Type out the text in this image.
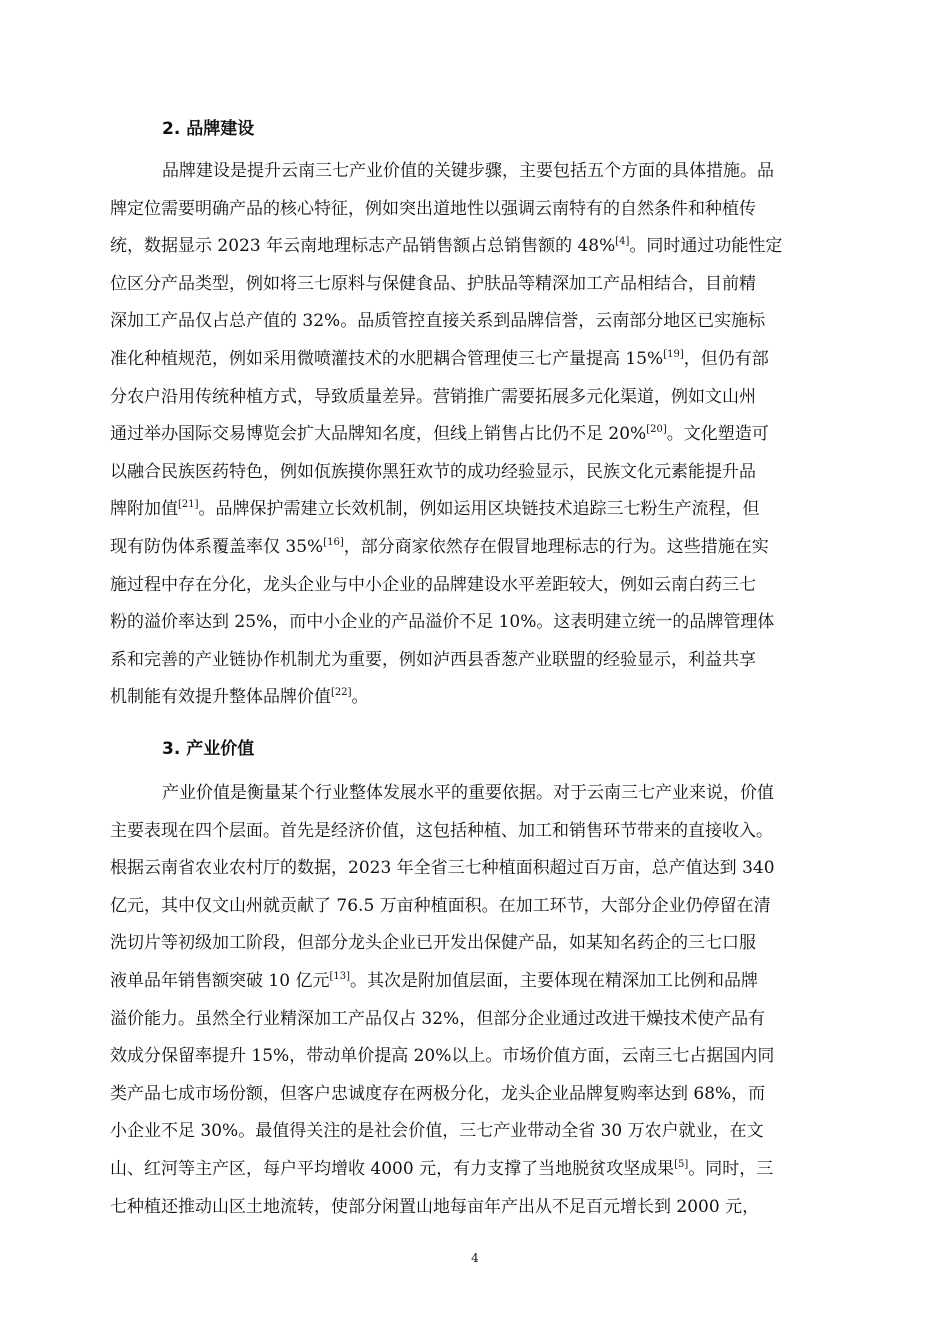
2. 品牌建设
品牌建设是提升云南三七产业价值的关键步骤，主要包括五个方面的具体措施。品
牌定位需要明确产品的核心特征，例如突出道地性以强调云南特有的自然条件和种植传
统，数据显示 2023 年云南地理标志产品销售额占总销售额的 48%[4]。同时通过功能性定
位区分产品类型，例如将三七原料与保健食品、护肤品等精深加工产品相结合，目前精
深加工产品仅占总产值的 32%。品质管控直接关系到品牌信誉，云南部分地区已实施标
准化种植规范，例如采用微喷灌技术的水肥耦合管理使三七产量提高 15%[19]，但仍有部
分农户沿用传统种植方式，导致质量差异。营销推广需要拓展多元化渠道，例如文山州
通过举办国际交易博览会扩大品牌知名度，但线上销售占比仍不足 20%[20]。文化塑造可
以融合民族医药特色，例如佤族摸你黑狂欢节的成功经验显示，民族文化元素能提升品
牌附加值[21]。品牌保护需建立长效机制，例如运用区块链技术追踪三七粉生产流程，但
现有防伪体系覆盖率仅 35%[16]，部分商家依然存在假冒地理标志的行为。这些措施在实
施过程中存在分化，龙头企业与中小企业的品牌建设水平差距较大，例如云南白药三七
粉的溢价率达到 25%，而中小企业的产品溢价不足 10%。这表明建立统一的品牌管理体
系和完善的产业链协作机制尤为重要，例如泸西县香葱产业联盟的经验显示，利益共享
机制能有效提升整体品牌价值[22]。
3. 产业价值
产业价值是衡量某个行业整体发展水平的重要依据。对于云南三七产业来说，价值
主要表现在四个层面。首先是经济价值，这包括种植、加工和销售环节带来的直接收入。
根据云南省农业农村厅的数据，2023 年全省三七种植面积超过百万亩，总产值达到 340
亿元，其中仅文山州就贡献了 76.5 万亩种植面积。在加工环节，大部分企业仍停留在清
洗切片等初级加工阶段，但部分龙头企业已开发出保健产品，如某知名药企的三七口服
液单品年销售额突破 10 亿元[13]。其次是附加值层面，主要体现在精深加工比例和品牌
溢价能力。虽然全行业精深加工产品仅占 32%，但部分企业通过改进干燥技术使产品有
效成分保留率提升 15%，带动单价提高 20%以上。市场价值方面，云南三七占据国内同
类产品七成市场份额，但客户忠诚度存在两极分化，龙头企业品牌复购率达到 68%，而
小企业不足 30%。最值得关注的是社会价值，三七产业带动全省 30 万农户就业，在文
山、红河等主产区，每户平均增收 4000 元，有力支撑了当地脱贫攻坚成果[5]。同时，三
七种植还推动山区土地流转，使部分闲置山地每亩年产出从不足百元增长到 2000 元，
4
